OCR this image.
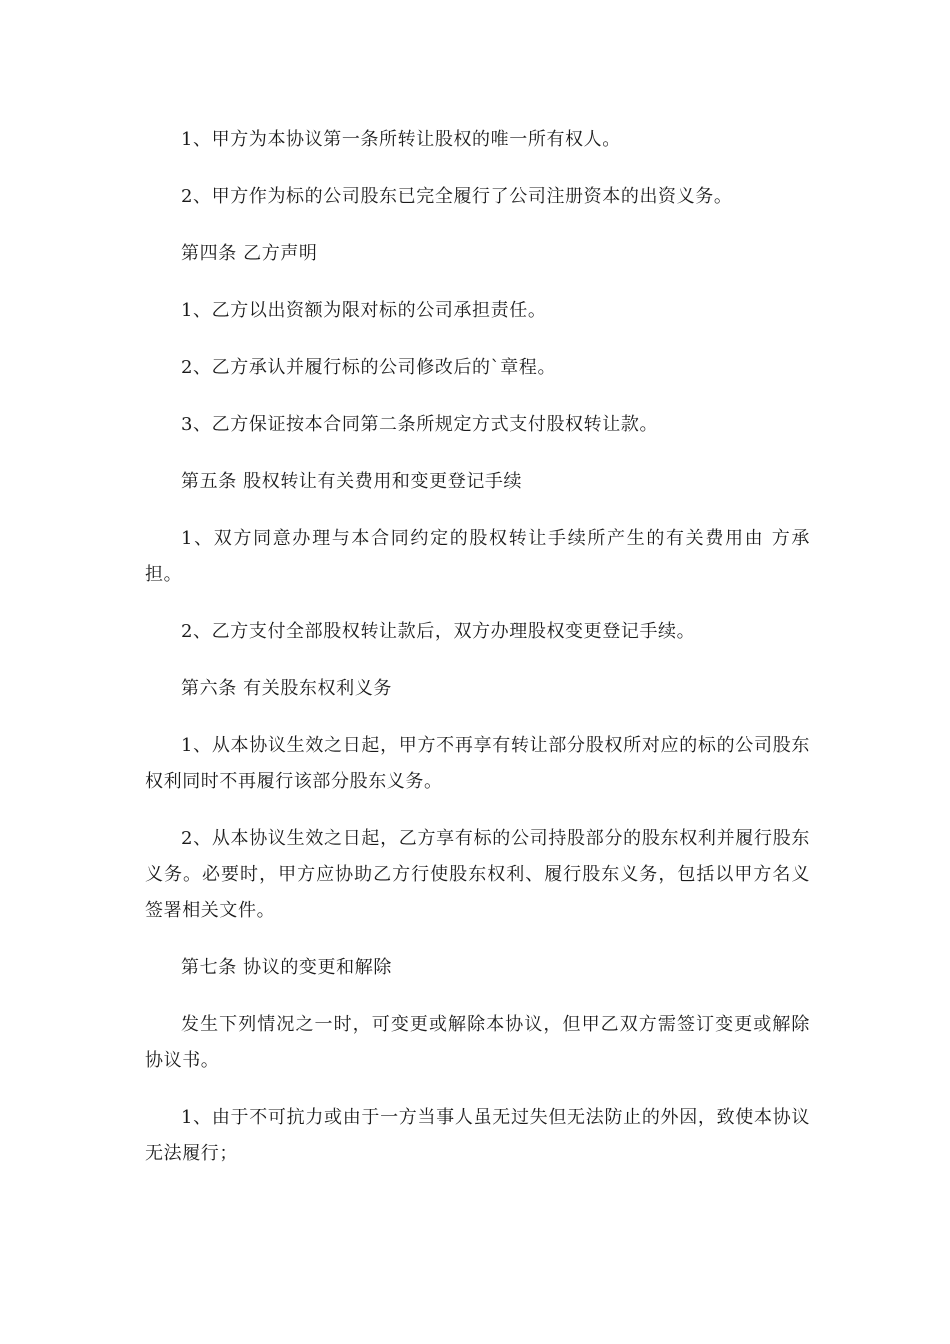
1、甲方为本协议第一条所转让股权的唯一所有权人。

2、甲方作为标的公司股东已完全履行了公司注册资本的出资义务。

第四条 乙方声明

1、乙方以出资额为限对标的公司承担责任。

2、乙方承认并履行标的公司修改后的`章程。

3、乙方保证按本合同第二条所规定方式支付股权转让款。

第五条 股权转让有关费用和变更登记手续

1、双方同意办理与本合同约定的股权转让手续所产生的有关费用由 方承担。

2、乙方支付全部股权转让款后，双方办理股权变更登记手续。

第六条 有关股东权利义务

1、从本协议生效之日起，甲方不再享有转让部分股权所对应的标的公司股东权利同时不再履行该部分股东义务。

2、从本协议生效之日起，乙方享有标的公司持股部分的股东权利并履行股东义务。必要时，甲方应协助乙方行使股东权利、履行股东义务，包括以甲方名义签署相关文件。

第七条 协议的变更和解除

发生下列情况之一时，可变更或解除本协议，但甲乙双方需签订变更或解除协议书。

1、由于不可抗力或由于一方当事人虽无过失但无法防止的外因，致使本协议无法履行；
